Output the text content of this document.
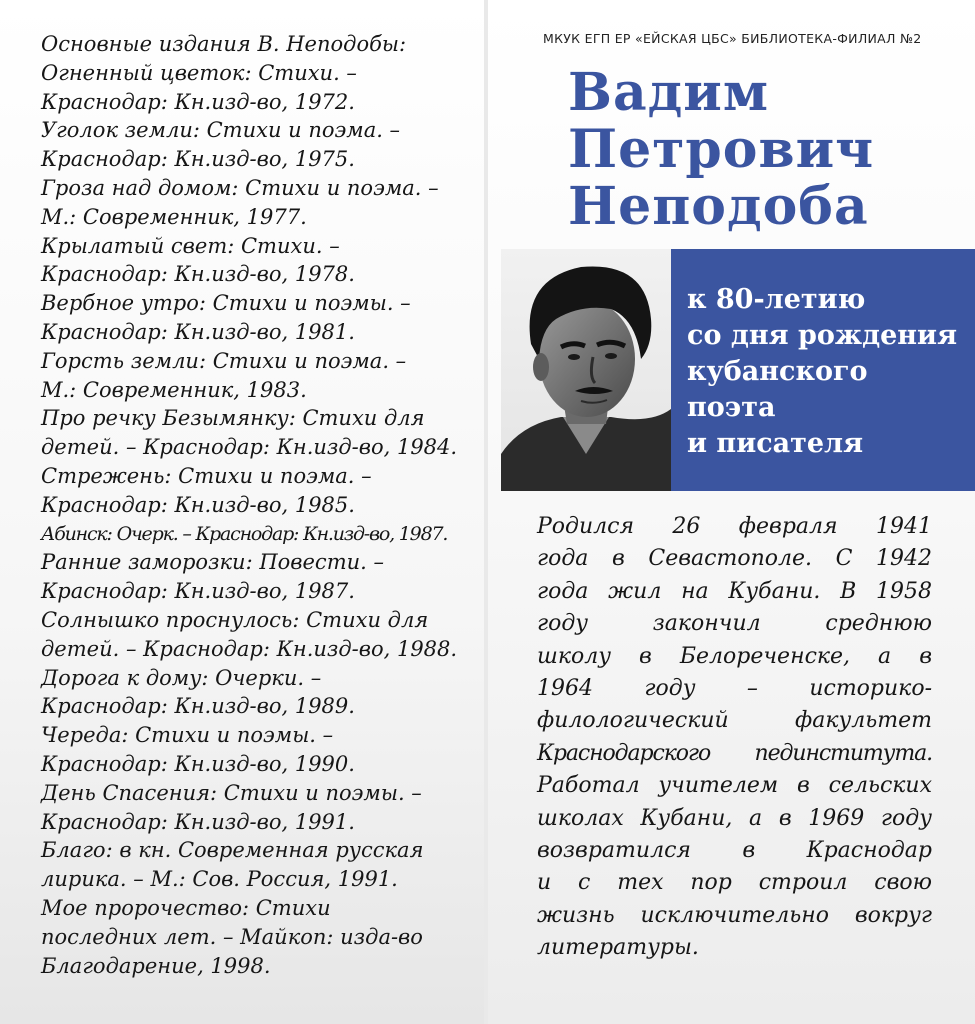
Основные издания В. Неподобы:
Огненный цветок: Стихи. –
Краснодар: Кн.изд-во, 1972.
Уголок земли: Стихи и поэма. –
Краснодар: Кн.изд-во, 1975.
Гроза над домом: Стихи и поэма. –
М.: Современник, 1977.
Крылатый свет: Стихи. –
Краснодар: Кн.изд-во, 1978.
Вербное утро: Стихи и поэмы. –
Краснодар: Кн.изд-во, 1981.
Горсть земли: Стихи и поэма. –
М.: Современник, 1983.
Про речку Безымянку: Стихи для
детей. – Краснодар: Кн.изд-во, 1984.
Стрежень: Стихи и поэма. –
Краснодар: Кн.изд-во, 1985.
Абинск: Очерк. – Краснодар: Кн.изд-во, 1987.
Ранние заморозки: Повести. –
Краснодар: Кн.изд-во, 1987.
Солнышко проснулось: Стихи для
детей. – Краснодар: Кн.изд-во, 1988.
Дорога к дому: Очерки. –
Краснодар: Кн.изд-во, 1989.
Череда: Стихи и поэмы. –
Краснодар: Кн.изд-во, 1990.
День Спасения: Стихи и поэмы. –
Краснодар: Кн.изд-во, 1991.
Благо: в кн. Современная русская
лирика. – М.: Сов. Россия, 1991.
Мое пророчество: Стихи
последних лет. – Майкоп: изда-во
Благодарение, 1998.
МКУК ЕГП ЕР «ЕЙСКАЯ ЦБС» БИБЛИОТЕКА-ФИЛИАЛ №2
Вадим
Петрович
Неподоба
к 80-летию
со дня рождения
кубанского
поэта
и писателя
Родился 26 февраля 1941
года в Севастополе. С 1942
года жил на Кубани. В 1958
году закончил среднюю
школу в Белореченске, а в
1964 году – историко-
филологический факультет
Краснодарского пединститута.
Работал учителем в сельских
школах Кубани, а в 1969 году
возвратился в Краснодар
и с тех пор строил свою
жизнь исключительно вокруг
литературы.
